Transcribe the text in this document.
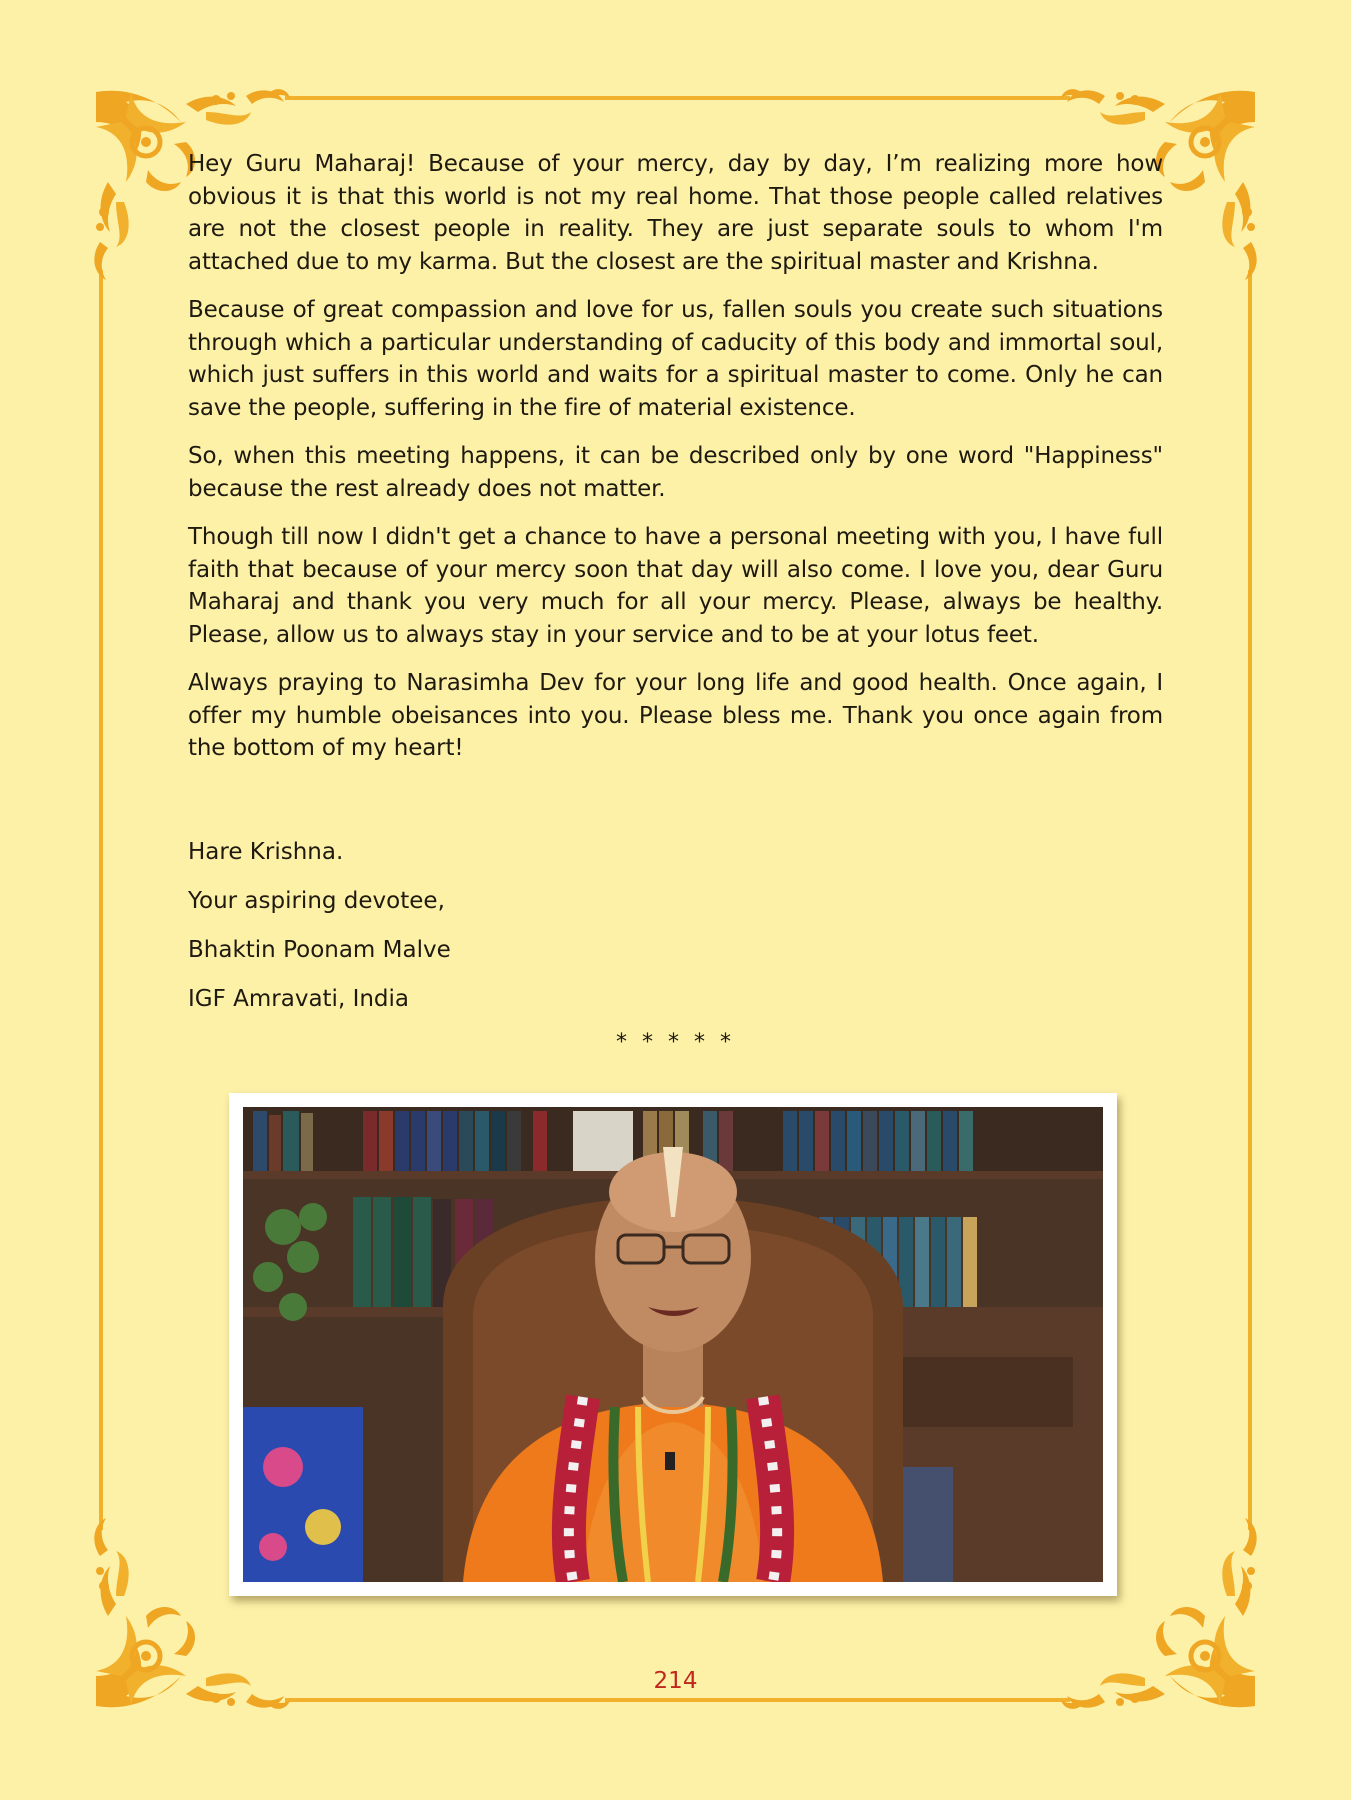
Hey Guru Maharaj! Because of your mercy, day by day, I’m realizing more how obvious it is that this world is not my real home. That those people called relatives are not the closest people in reality. They are just separate souls to whom I'm attached due to my karma. But the closest are the spiritual master and Krishna.

Because of great compassion and love for us, fallen souls you create such situations through which a particular understanding of caducity of this body and immortal soul, which just suffers in this world and waits for a spiritual master to come. Only he can save the people, suffering in the fire of material existence.

So, when this meeting happens, it can be described only by one word "Happiness" because the rest already does not matter.

Though till now I didn't get a chance to have a personal meeting with you, I have full faith that because of your mercy soon that day will also come. I love you, dear Guru Maharaj and thank you very much for all your mercy. Please, always be healthy. Please, allow us to always stay in your service and to be at your lotus feet.

Always praying to Narasimha Dev for your long life and good health. Once again, I offer my humble obeisances into you. Please bless me. Thank you once again from the bottom of my heart!

Hare Krishna.

Your aspiring devotee,

Bhaktin Poonam Malve

IGF Amravati, India

* * * * *
214
